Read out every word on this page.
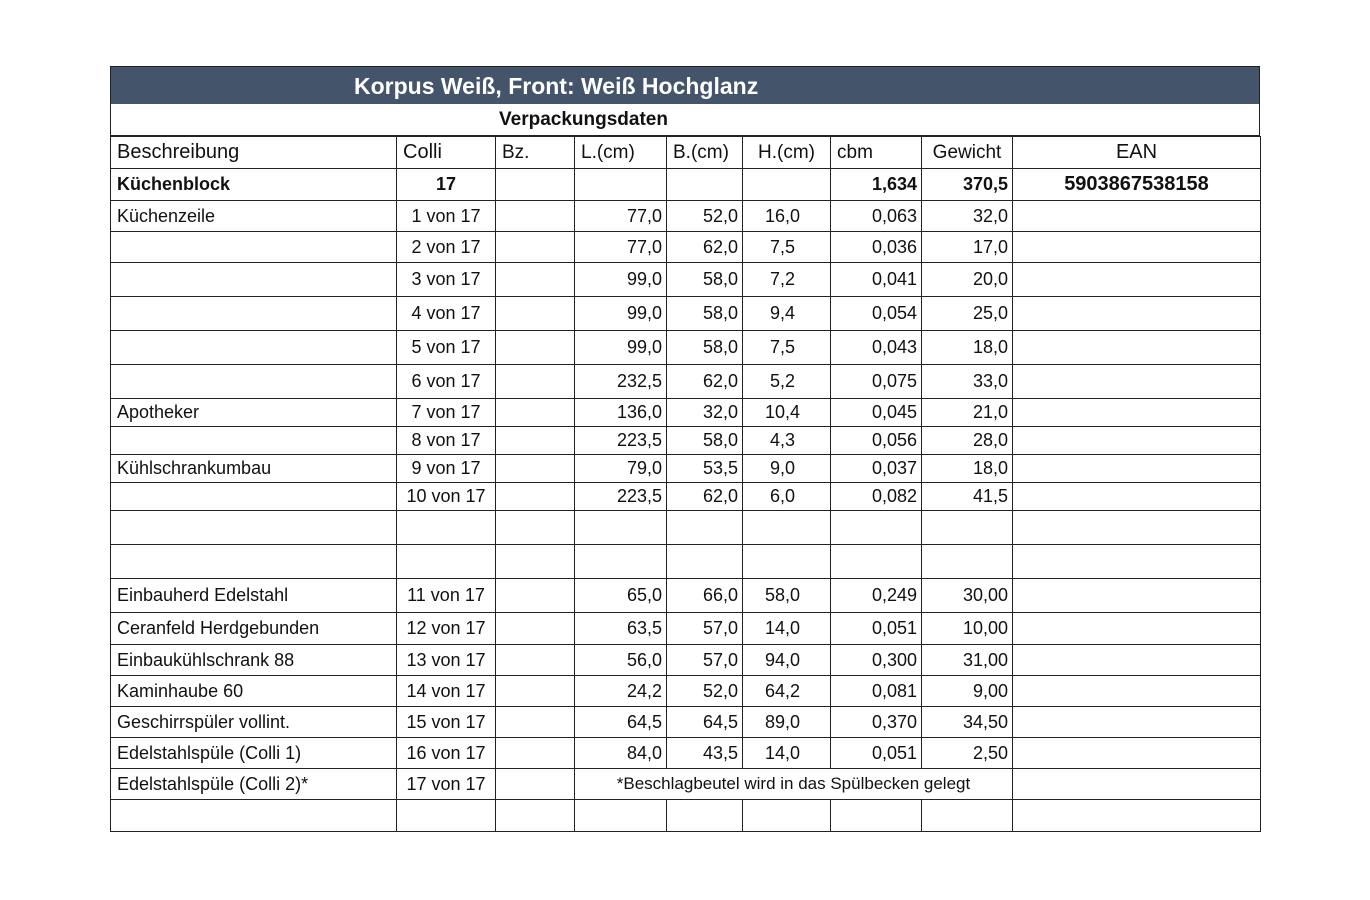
Korpus Weiß, Front: Weiß Hochglanz
Verpackungsdaten
Beschreibung	Colli	Bz.	L.(cm)	B.(cm)	H.(cm)	cbm	Gewicht	EAN
Küchenblock	17					1,634	370,5	5903867538158
Küchenzeile	1 von 17		77,0	52,0	16,0	0,063	32,0	
	2 von 17		77,0	62,0	7,5	0,036	17,0	
	3 von 17		99,0	58,0	7,2	0,041	20,0	
	4 von 17		99,0	58,0	9,4	0,054	25,0	
	5 von 17		99,0	58,0	7,5	0,043	18,0	
	6 von 17		232,5	62,0	5,2	0,075	33,0	
Apotheker	7 von 17		136,0	32,0	10,4	0,045	21,0	
	8 von 17		223,5	58,0	4,3	0,056	28,0	
Kühlschrankumbau	9 von 17		79,0	53,5	9,0	0,037	18,0	
	10 von 17		223,5	62,0	6,0	0,082	41,5	

Einbauherd Edelstahl	11 von 17		65,0	66,0	58,0	0,249	30,00	
Ceranfeld Herdgebunden	12 von 17		63,5	57,0	14,0	0,051	10,00	
Einbaukühlschrank 88	13 von 17		56,0	57,0	94,0	0,300	31,00	
Kaminhaube 60	14 von 17		24,2	52,0	64,2	0,081	9,00	
Geschirrspüler vollint.	15 von 17		64,5	64,5	89,0	0,370	34,50	
Edelstahlspüle (Colli 1)	16 von 17		84,0	43,5	14,0	0,051	2,50	
Edelstahlspüle (Colli 2)*	17 von 17		*Beschlagbeutel wird in das Spülbecken gelegt					
